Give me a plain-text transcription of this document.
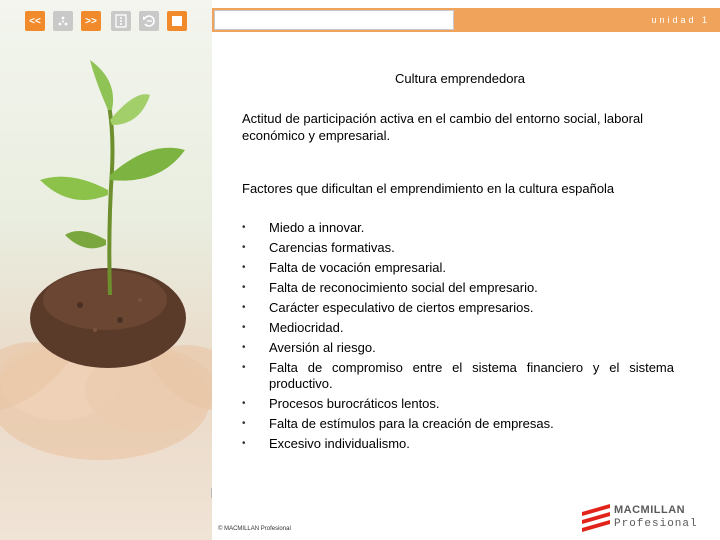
unidad 1
<<	>>
Cultura emprendedora
Actitud de participación activa en el cambio del entorno social, laboral económico y empresarial.
Factores que dificultan el emprendimiento en la cultura española
• Miedo a innovar.
• Carencias formativas.
• Falta de vocación empresarial.
• Falta de reconocimiento social del empresario.
• Carácter especulativo de ciertos empresarios.
• Mediocridad.
• Aversión al riesgo.
• Falta de compromiso entre el sistema financiero y el sistema productivo.
• Procesos burocráticos lentos.
• Falta de estímulos para la creación de empresas.
• Excesivo individualismo.
© MACMILLAN Profesional
MACMILLAN
Profesional
